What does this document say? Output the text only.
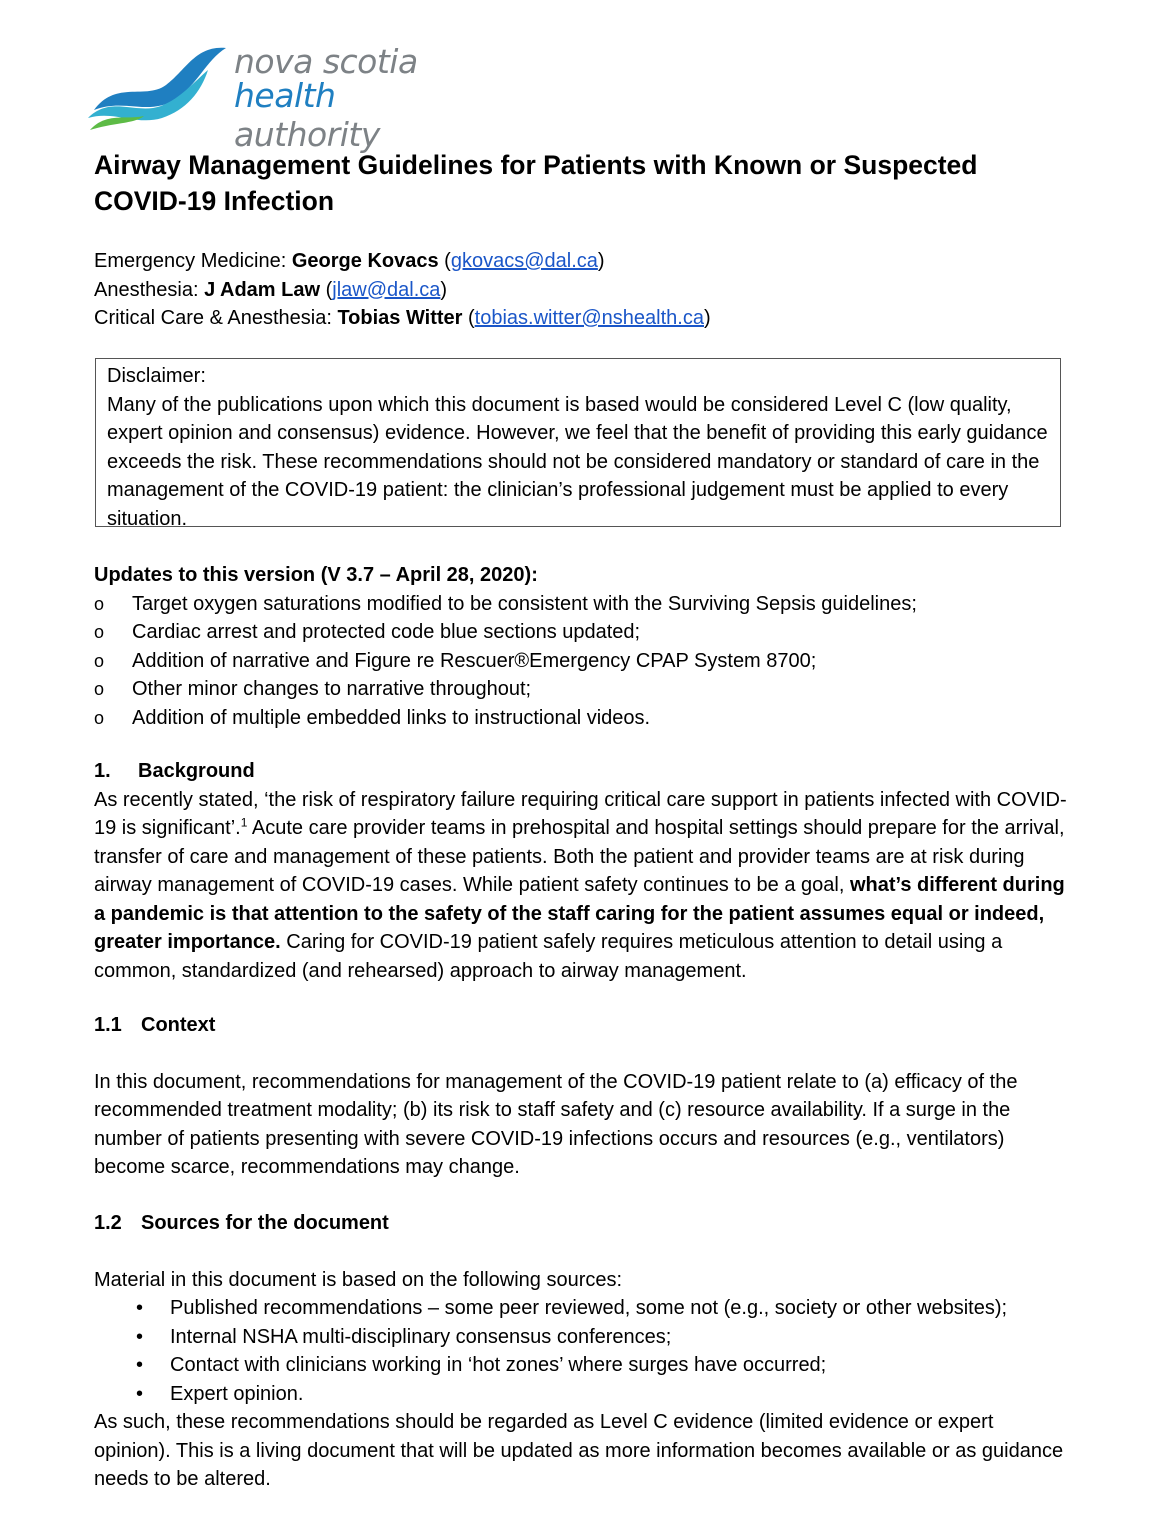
nova scotia
health authority
Airway Management Guidelines for Patients with Known or Suspected COVID-19 Infection
Emergency Medicine: George Kovacs (gkovacs@dal.ca)
Anesthesia: J Adam Law (jlaw@dal.ca)
Critical Care & Anesthesia: Tobias Witter (tobias.witter@nshealth.ca)
Disclaimer:
Many of the publications upon which this document is based would be considered Level C (low quality, expert opinion and consensus) evidence. However, we feel that the benefit of providing this early guidance exceeds the risk. These recommendations should not be considered mandatory or standard of care in the management of the COVID-19 patient: the clinician’s professional judgement must be applied to every situation.
Updates to this version (V 3.7 – April 28, 2020):
o Target oxygen saturations modified to be consistent with the Surviving Sepsis guidelines;
o Cardiac arrest and protected code blue sections updated;
o Addition of narrative and Figure re Rescuer®Emergency CPAP System 8700;
o Other minor changes to narrative throughout;
o Addition of multiple embedded links to instructional videos.
1. Background

As recently stated, ‘the risk of respiratory failure requiring critical care support in patients infected with COVID-19 is significant’.$^1$ Acute care provider teams in prehospital and hospital settings should prepare for the arrival, transfer of care and management of these patients. Both the patient and provider teams are at risk during airway management of COVID-19 cases. While patient safety continues to be a goal, what’s different during a pandemic is that attention to the safety of the staff caring for the patient assumes equal or indeed, greater importance. Caring for COVID-19 patient safely requires meticulous attention to detail using a common, standardized (and rehearsed) approach to airway management.

1.1 Context

In this document, recommendations for management of the COVID-19 patient relate to (a) efficacy of the recommended treatment modality; (b) its risk to staff safety and (c) resource availability. If a surge in the number of patients presenting with severe COVID-19 infections occurs and resources (e.g., ventilators) become scarce, recommendations may change.

1.2 Sources for the document

Material in this document is based on the following sources:

• Published recommendations – some peer reviewed, some not (e.g., society or other websites);
• Internal NSHA multi-disciplinary consensus conferences;
• Contact with clinicians working in ‘hot zones’ where surges have occurred;
• Expert opinion.

As such, these recommendations should be regarded as Level C evidence (limited evidence or expert opinion). This is a living document that will be updated as more information becomes available or as guidance needs to be altered.
